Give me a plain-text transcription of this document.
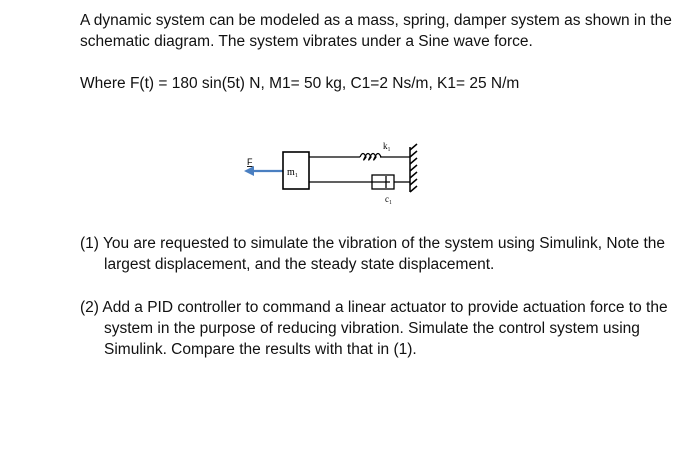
A dynamic system can be modeled as a mass, spring, damper system as shown in the schematic diagram. The system vibrates under a Sine wave force.

Where F(t) = 180 sin(5t) N, M1= 50 kg, C1=2 Ns/m, K1= 25 N/m

F
m₁
k₁
c₁

(1) You are requested to simulate the vibration of the system using Simulink, Note the largest displacement, and the steady state displacement.

(2) Add a PID controller to command a linear actuator to provide actuation force to the system in the purpose of reducing vibration. Simulate the control system using Simulink. Compare the results with that in (1).
